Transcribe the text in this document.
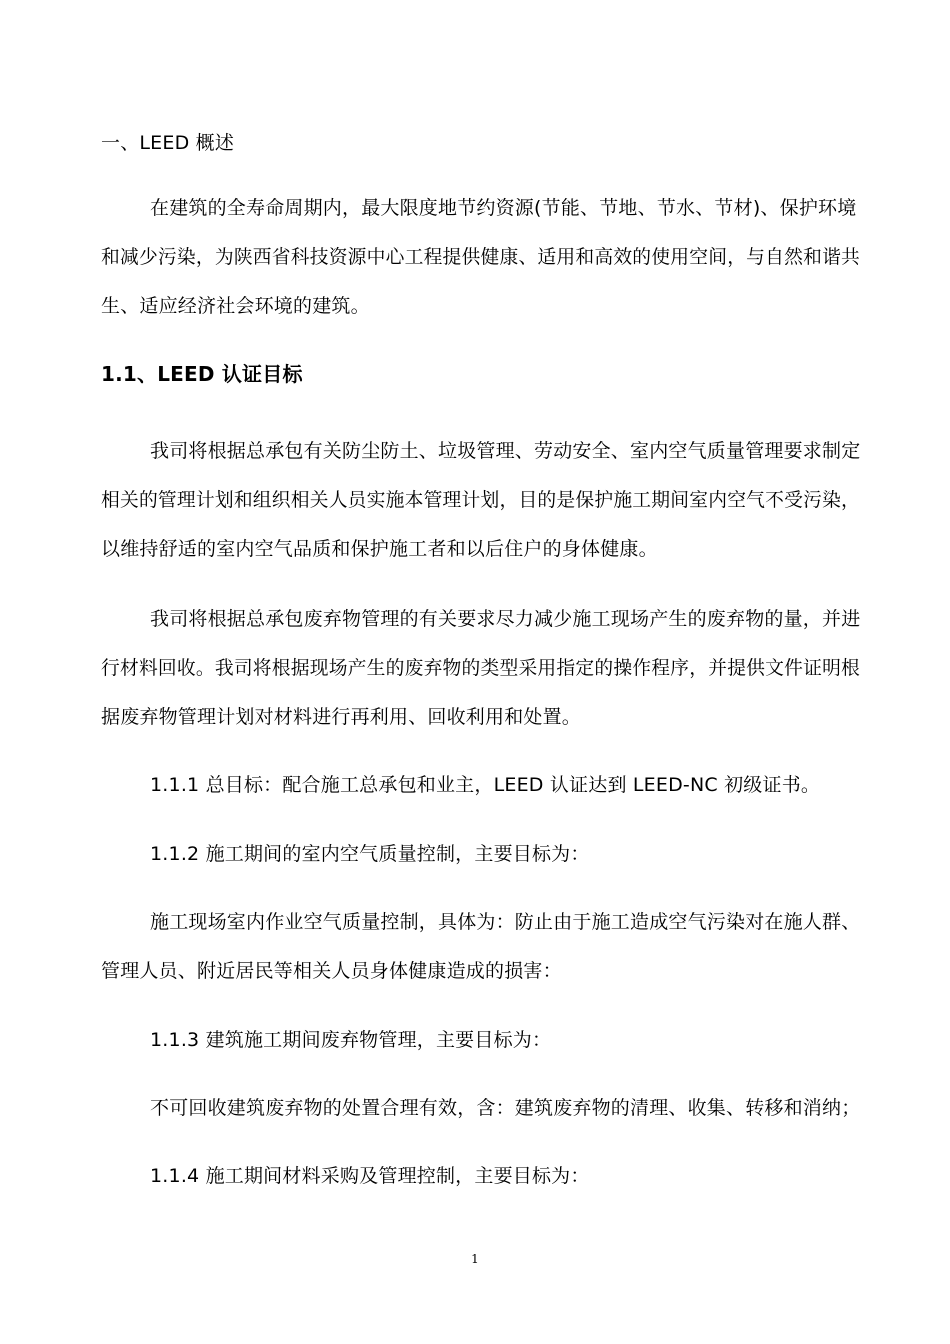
一、LEED 概述
在建筑的全寿命周期内，最大限度地节约资源(节能、节地、节水、节材)、保护环境
和减少污染，为陕西省科技资源中心工程提供健康、适用和高效的使用空间，与自然和谐共
生、适应经济社会环境的建筑。
1.1、LEED 认证目标
我司将根据总承包有关防尘防土、垃圾管理、劳动安全、室内空气质量管理要求制定
相关的管理计划和组织相关人员实施本管理计划，目的是保护施工期间室内空气不受污染，
以维持舒适的室内空气品质和保护施工者和以后住户的身体健康。
我司将根据总承包废弃物管理的有关要求尽力减少施工现场产生的废弃物的量，并进
行材料回收。我司将根据现场产生的废弃物的类型采用指定的操作程序，并提供文件证明根
据废弃物管理计划对材料进行再利用、回收利用和处置。
1.1.1 总目标：配合施工总承包和业主，LEED 认证达到 LEED-NC 初级证书。
1.1.2 施工期间的室内空气质量控制，主要目标为：
施工现场室内作业空气质量控制，具体为：防止由于施工造成空气污染对在施人群、
管理人员、附近居民等相关人员身体健康造成的损害：
1.1.3 建筑施工期间废弃物管理，主要目标为：
不可回收建筑废弃物的处置合理有效，含：建筑废弃物的清理、收集、转移和消纳；
1.1.4 施工期间材料采购及管理控制，主要目标为：
1
